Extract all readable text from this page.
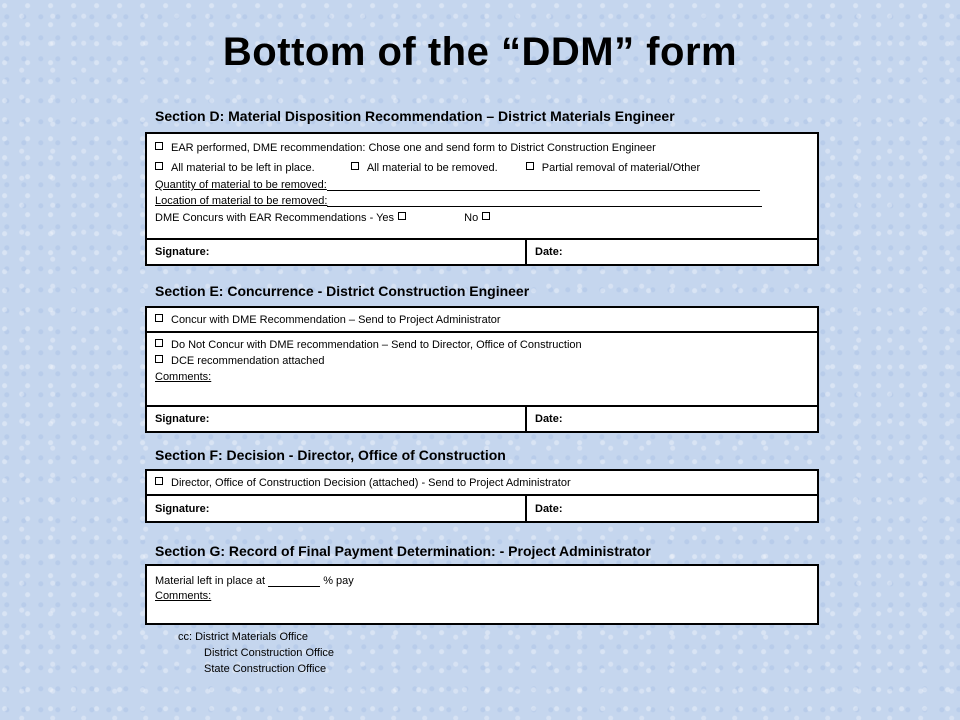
Bottom of the “DDM” form
Section D: Material Disposition Recommendation – District Materials Engineer
EAR performed, DME recommendation: Chose one and send form to District Construction Engineer
All material to be left in place.	All material to be removed.	Partial removal of material/Other
Quantity of material to be removed:
Location of material to be removed:
DME Concurs with EAR Recommendations - Yes	No
Signature:	Date:
Section E: Concurrence - District Construction Engineer
Concur with DME Recommendation – Send to Project Administrator
Do Not Concur with DME recommendation – Send to Director, Office of Construction
DCE recommendation attached
Comments:
Signature:	Date:
Section F: Decision - Director, Office of Construction
Director, Office of Construction Decision (attached) - Send to Project Administrator
Signature:	Date:
Section G: Record of Final Payment Determination: - Project Administrator
Material left in place at	% pay
Comments:
cc: District Materials Office
District Construction Office
State Construction Office
